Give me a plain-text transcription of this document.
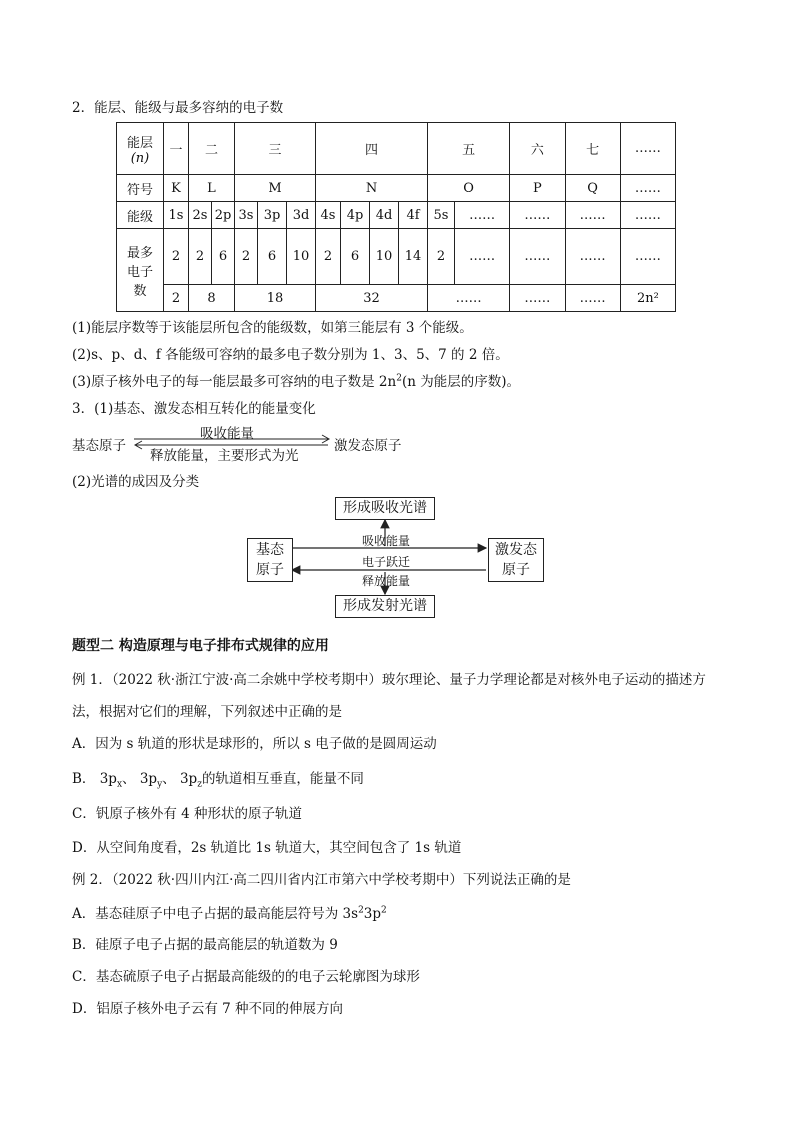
2．能层、能级与最多容纳的电子数
能层
(n)	一	二		三			四				五		六	七	……
符号	K	L		M			N				O		P	Q	……
能级	1s	2s	2p	3s	3p	3d	4s	4p	4d	4f	5s	……	……	……	……

最多
电子
数	2	2	6	2	6	10	2	6	10	14	2	……	……	……	……
	2	8		18			32				……		……	……	2n²
(1)能层序数等于该能层所包含的能级数，如第三能层有 3 个能级。
(2)s、p、d、f 各能级可容纳的最多电子数分别为 1、3、5、7 的 2 倍。
(3)原子核外电子的每一能层最多可容纳的电子数是 $2n^2(n$ 为能层的序数)。
3．(1)基态、激发态相互转化的能量变化
基态原子
吸收能量
释放能量，主要形式为光
激发态原子
(2)光谱的成因及分类
形成吸收光谱
形成发射光谱
基态
原子
激发态
原子
吸收能量
电子跃迁
释放能量
题型二 构造原理与电子排布式规律的应用
例 1．（2022 秋·浙江宁波·高二余姚中学校考期中）玻尔理论、量子力学理论都是对核外电子运动的描述方
法，根据对它们的理解，下列叙述中正确的是
A．因为 s 轨道的形状是球形的，所以 s 电子做的是圆周运动
B． $3p_x$、 $3p_y$、 $3p_z$的轨道相互垂直，能量不同
C．钒原子核外有 4 种形状的原子轨道
D．从空间角度看，2s 轨道比 1s 轨道大，其空间包含了 1s 轨道
例 2．（2022 秋·四川内江·高二四川省内江市第六中学校考期中）下列说法正确的是
A．基态硅原子中电子占据的最高能层符号为 $3s^23p^2$
B．硅原子电子占据的最高能层的轨道数为 9
C．基态硫原子电子占据最高能级的的电子云轮廓图为球形
D．铝原子核外电子云有 7 种不同的伸展方向
